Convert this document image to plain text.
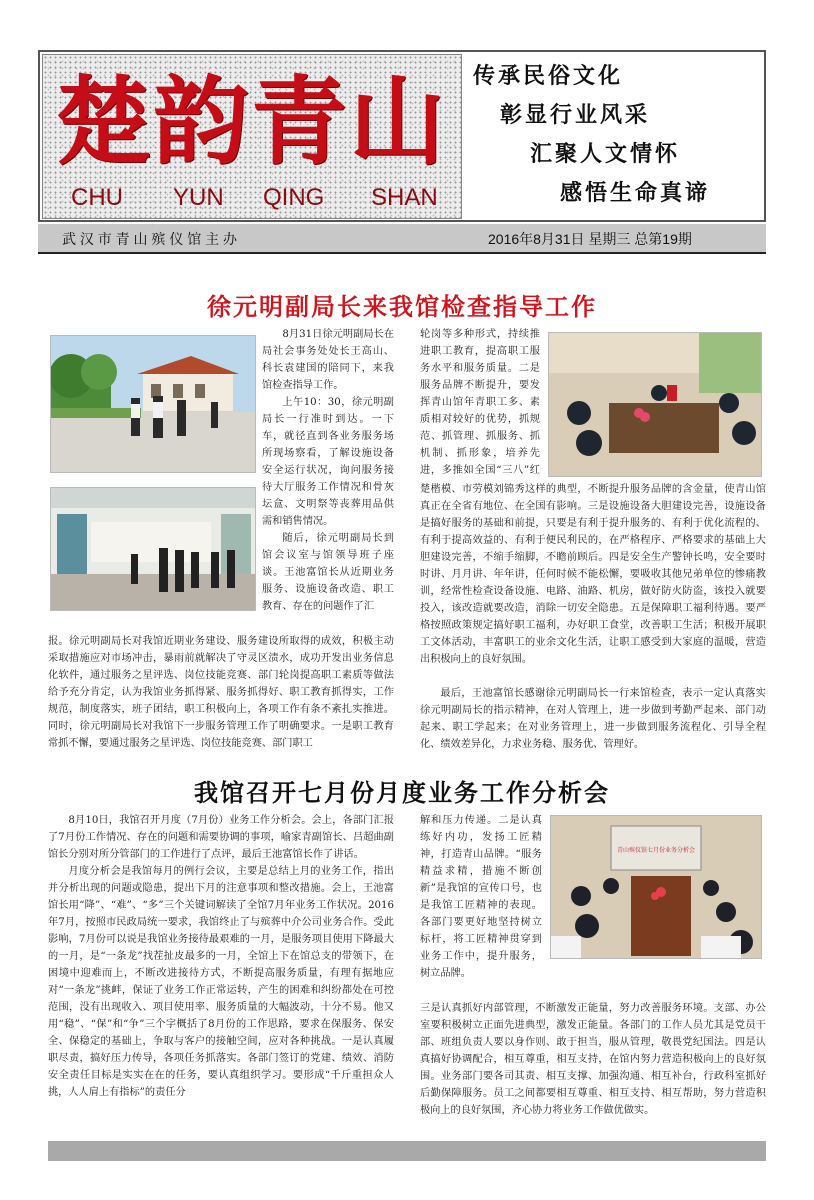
楚韵青山
CHU YUN QING SHAN
传承民俗文化
彰显行业风采
汇聚人文情怀
感悟生命真谛
武 汉 市 青 山 殡 仪 馆 主 办	2016年8月31日 星期三 总第19期
徐元明副局长来我馆检查指导工作

8月31日徐元明副局长在局社会事务处处长王高山、科长袁建国的陪同下，来我馆检查指导工作。

上午10：30，徐元明副局长一行准时到达。一下车，就径直到各业务服务场所现场察看，了解设施设备安全运行状况，询问服务接待大厅服务工作情况和骨灰坛盒、文明祭等丧葬用品供需和销售情况。

随后，徐元明副局长到馆会议室与馆领导班子座谈。王池富馆长从近期业务服务、设施设备改造、职工教育、存在的问题作了汇

报。徐元明副局长对我馆近期业务建设、服务建设所取得的成效，积极主动采取措施应对市场冲击，暴雨前就解决了守灵区渍水，成功开发出业务信息化软件，通过服务之星评选、岗位技能竞赛、部门轮岗提高职工素质等做法给予充分肯定，认为我馆业务抓得紧、服务抓得好、职工教育抓得实，工作规范，制度落实，班子团结，职工积极向上，各项工作有条不紊扎实推进。同时，徐元明副局长对我馆下一步服务管理工作了明确要求。一是职工教育常抓不懈，要通过服务之星评选、岗位技能竞赛、部门职工
轮岗等多种形式，持续推进职工教育，提高职工服务水平和服务质量。二是服务品牌不断提升，要发挥青山馆年青职工多、素质相对较好的优势，抓规范、抓管理、抓服务、抓机制、抓形象，培养先进，多推如全国“三八”红
楚楷模、市劳模刘锦秀这样的典型，不断提升服务品牌的含金量，使青山馆真正在全省有地位、在全国有影响。三是设施设备大胆建设完善，设施设备是搞好服务的基础和前提，只要是有利于提升服务的、有利于优化流程的、有利于提高效益的、有利于便民利民的，在严格程序、严格要求的基础上大胆建设完善，不缩手缩脚，不瞻前顾后。四是安全生产警钟长鸣，安全要时时讲、月月讲、年年讲，任何时候不能松懈，要吸收其他兄弟单位的惨痛教训，经常性检查设备设施、电路、油路、机房，做好防火防盗，该投入就要投入，该改造就要改造，消除一切安全隐患。五是保障职工福利待遇。要严格按照政策规定搞好职工福利，办好职工食堂，改善职工生活；积极开展职工文体活动，丰富职工的业余文化生活，让职工感受到大家庭的温暖，营造出积极向上的良好氛围。
最后，王池富馆长感谢徐元明副局长一行来馆检查，表示一定认真落实徐元明副局长的指示精神，在对人管理上，进一步做到考勤严起来、部门动起来、职工学起来；在对业务管理上，进一步做到服务流程化、引导全程化、绩效差异化，力求业务稳、服务优、管理好。
我馆召开七月份月度业务工作分析会

8月10日，我馆召开月度（7月份）业务工作分析会。会上，各部门汇报了7月份工作情况、存在的问题和需要协调的事项，喻家青副馆长、吕超曲副馆长分别对所分管部门的工作进行了点评，最后王池富馆长作了讲话。

月度分析会是我馆每月的例行会议，主要是总结上月的业务工作，指出并分析出现的问题或隐患，提出下月的注意事项和整改措施。会上，王池富馆长用“降”、“难”、“多”三个关键词解读了全馆7月年业务工作状况。2016年7月，按照市民政局统一要求，我馆终止了与殡葬中介公司业务合作。受此影响，7月份可以说是我馆业务接待最艰难的一月，是服务项目使用下降最大的一月，是“一条龙”找茬扯皮最多的一月，全馆上下在馆总支的带领下，在困境中迎难而上，不断改进接待方式，不断提高服务质量，有理有据地应对“一条龙”挑衅，保证了业务工作正常运转，产生的困难和纠纷都处在可控范围，没有出现收入、项目使用率、服务质量的大幅波动，十分不易。他又用“稳”、“保”和“争”三个字概括了8月份的工作思路，要求在保服务、保安全、保稳定的基础上，争取与客户的接触空间，应对各种挑战。一是认真履职尽责，搞好压力传导，各项任务抓落实。各部门签订的党建、绩效、消防安全责任目标是实实在在的任务，要认真组织学习。要形成“千斤重担众人挑，人人肩上有指标”的责任分

解和压力传递。二是认真练好内功，发扬工匠精神，打造青山品牌。“服务精益求精，措施不断创新”是我馆的宣传口号，也是我馆工匠精神的表现。各部门要更好地坚持树立标杆，将工匠精神贯穿到业务工作中，提升服务，树立品牌。
青山殡仪馆七月份业务分析会
三是认真抓好内部管理，不断激发正能量，努力改善服务环境。支部、办公室要积极树立正面先进典型，激发正能量。各部门的工作人员尤其是党员干部、班组负责人要以身作则、敢于担当，服从管理，敬畏党纪国法。四是认真搞好协调配合，相互尊重，相互支持，在馆内努力营造积极向上的良好氛围。业务部门要各司其责、相互支撑、加强沟通、相互补台，行政科室抓好后勤保障服务。员工之间都要相互尊重、相互支持、相互帮助，努力营造积极向上的良好氛围，齐心协力将业务工作做优做实。
